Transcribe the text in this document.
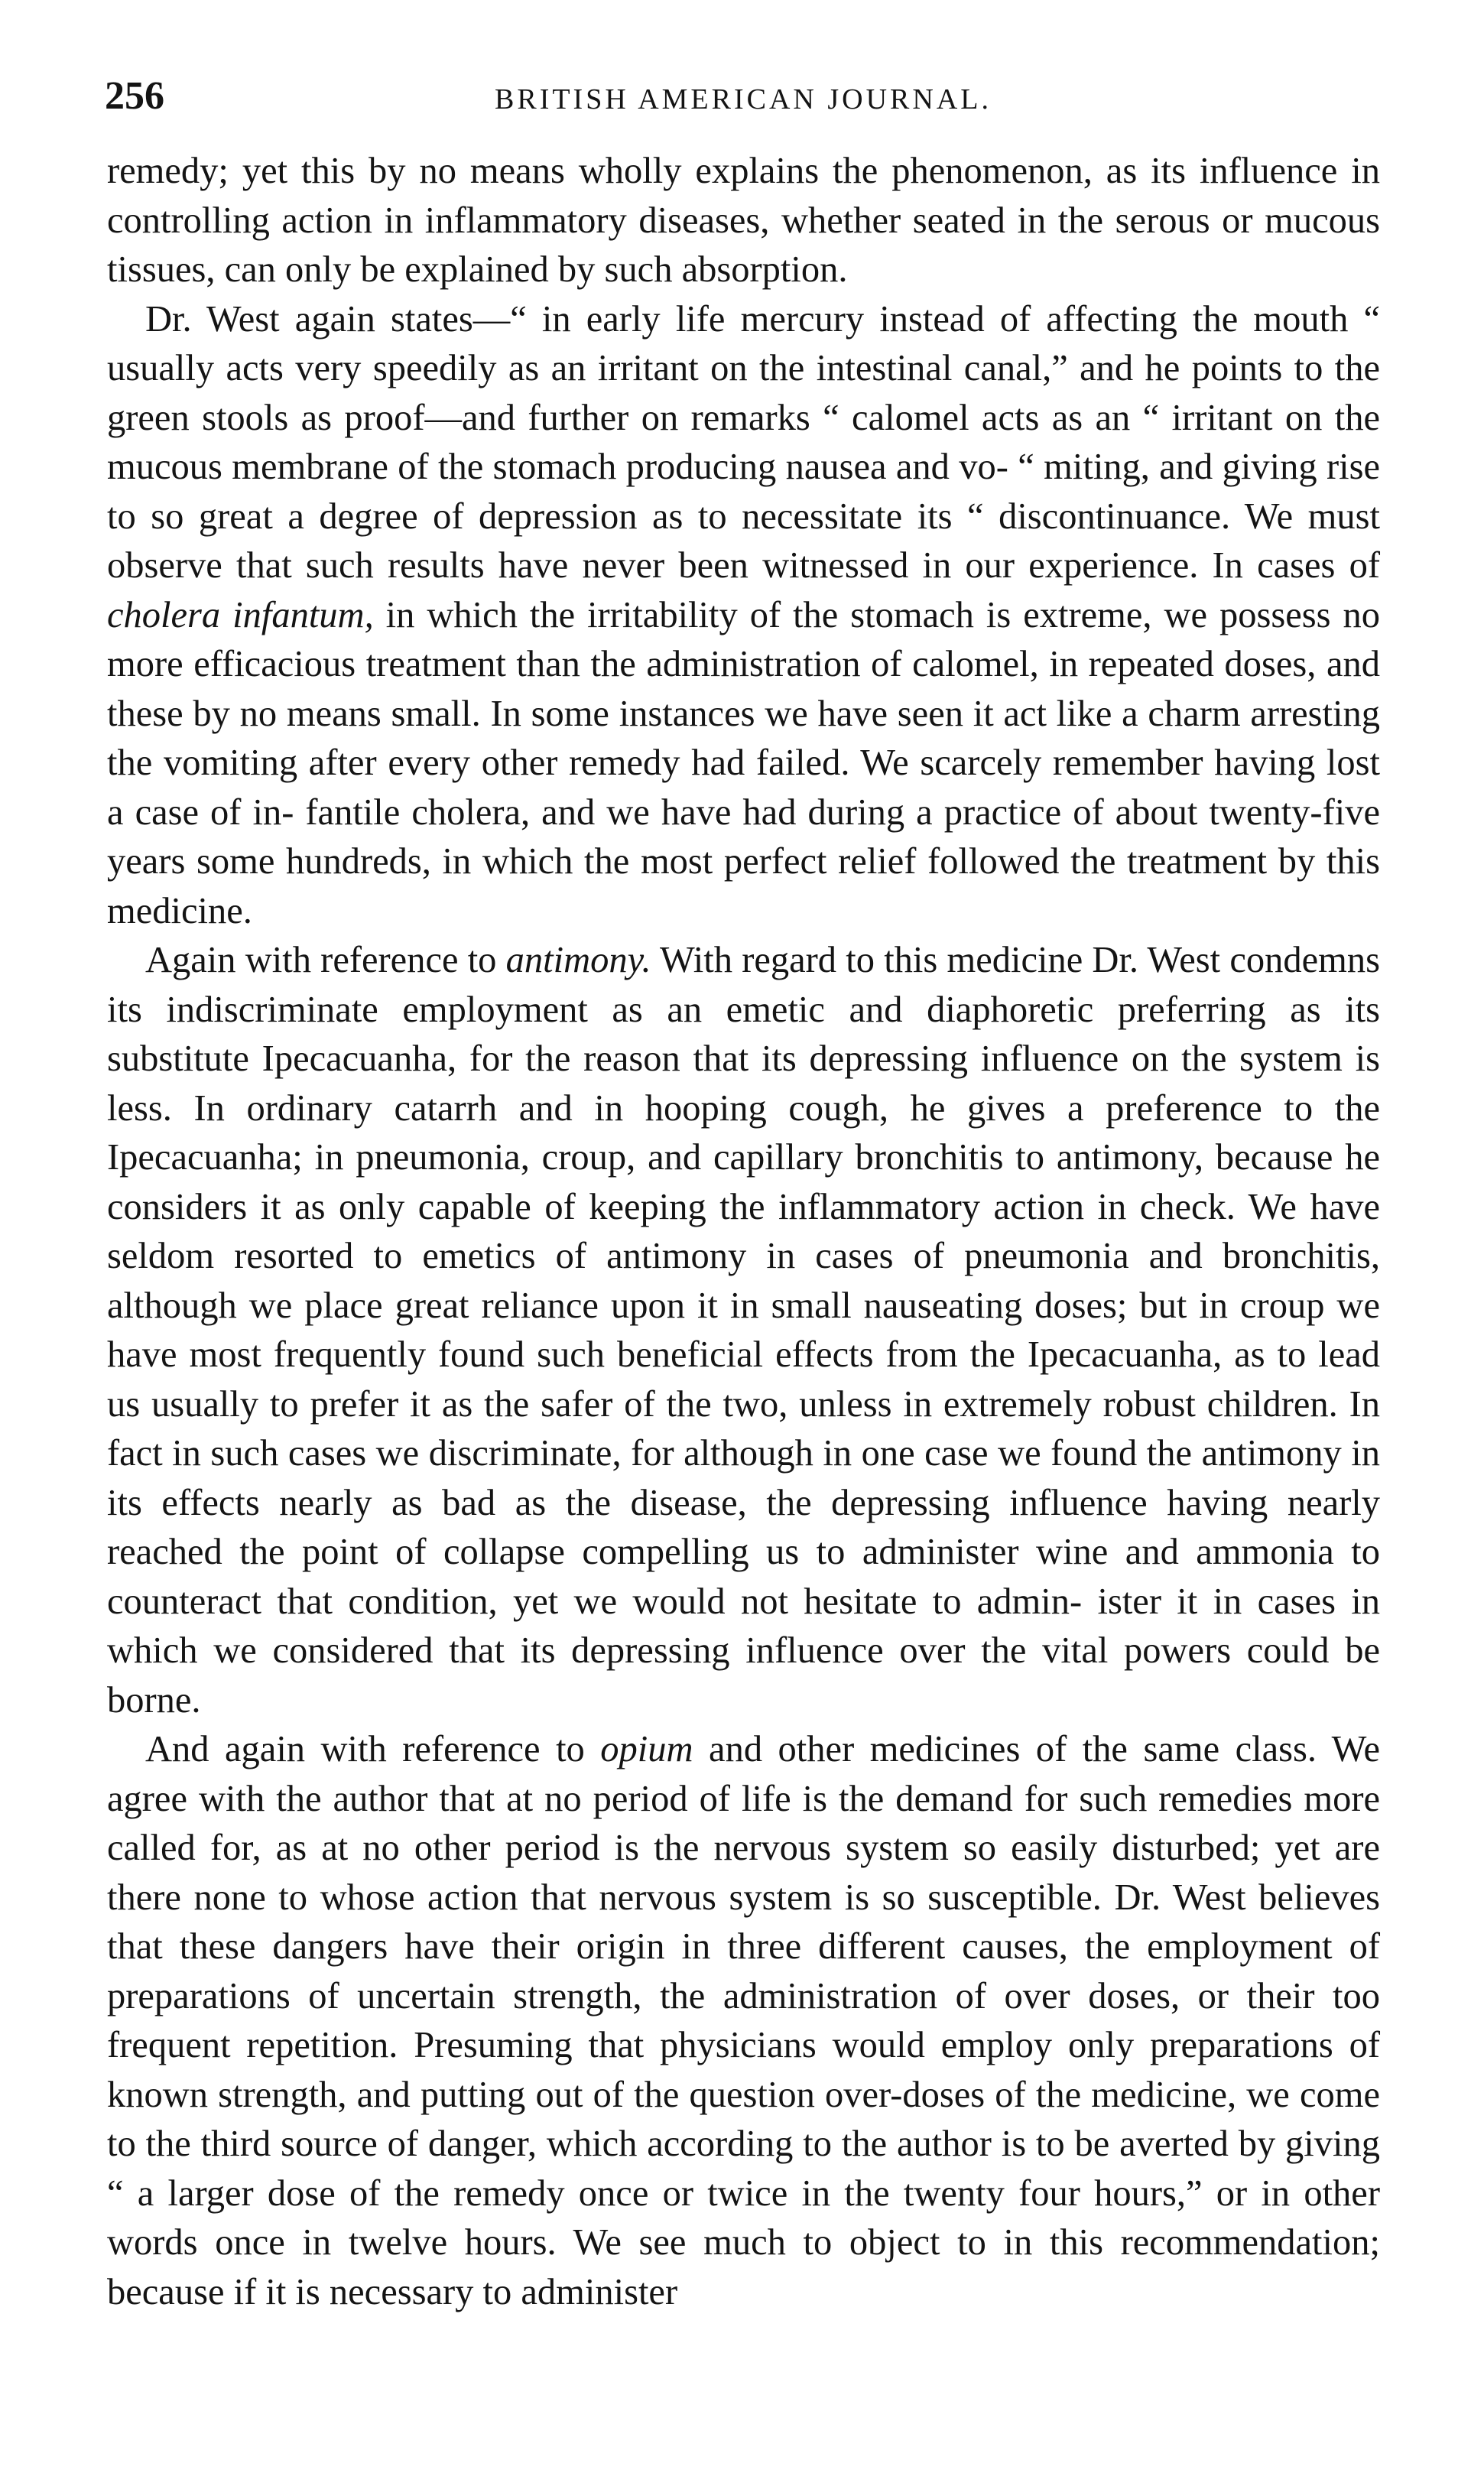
256	BRITISH AMERICAN JOURNAL.

remedy; yet this by no means wholly explains the phenomenon, as its influence in controlling action in inflammatory diseases, whether seated in the serous or mucous tissues, can only be explained by such absorption.

Dr. West again states—“ in early life mercury instead of affecting the mouth “ usually acts very speedily as an irritant on the intestinal canal,” and he points to the green stools as proof—and further on remarks “ calomel acts as an “ irritant on the mucous membrane of the stomach producing nausea and vo- “ miting, and giving rise to so great a degree of depression as to necessitate its “ discontinuance. We must observe that such results have never been witnessed in our experience. In cases of cholera infantum, in which the irritability of the stomach is extreme, we possess no more efficacious treatment than the administration of calomel, in repeated doses, and these by no means small. In some instances we have seen it act like a charm arresting the vomiting after every other remedy had failed. We scarcely remember having lost a case of in- fantile cholera, and we have had during a practice of about twenty-five years some hundreds, in which the most perfect relief followed the treatment by this medicine.

Again with reference to antimony. With regard to this medicine Dr. West condemns its indiscriminate employment as an emetic and diaphoretic preferring as its substitute Ipecacuanha, for the reason that its depressing influence on the system is less. In ordinary catarrh and in hooping cough, he gives a preference to the Ipecacuanha; in pneumonia, croup, and capillary bronchitis to antimony, because he considers it as only capable of keeping the inflammatory action in check. We have seldom resorted to emetics of antimony in cases of pneumonia and bronchitis, although we place great reliance upon it in small nauseating doses; but in croup we have most frequently found such beneficial effects from the Ipecacuanha, as to lead us usually to prefer it as the safer of the two, unless in extremely robust children. In fact in such cases we discriminate, for although in one case we found the antimony in its effects nearly as bad as the disease, the depressing influence having nearly reached the point of collapse compelling us to administer wine and ammonia to counteract that condition, yet we would not hesitate to admin- ister it in cases in which we considered that its depressing influence over the vital powers could be borne.

And again with reference to opium and other medicines of the same class. We agree with the author that at no period of life is the demand for such remedies more called for, as at no other period is the nervous system so easily disturbed; yet are there none to whose action that nervous system is so susceptible. Dr. West believes that these dangers have their origin in three different causes, the employment of preparations of uncertain strength, the administration of over doses, or their too frequent repetition. Presuming that physicians would employ only preparations of known strength, and putting out of the question over-doses of the medicine, we come to the third source of danger, which according to the author is to be averted by giving “ a larger dose of the remedy once or twice in the twenty four hours,” or in other words once in twelve hours. We see much to object to in this recommendation; because if it is necessary to administer
